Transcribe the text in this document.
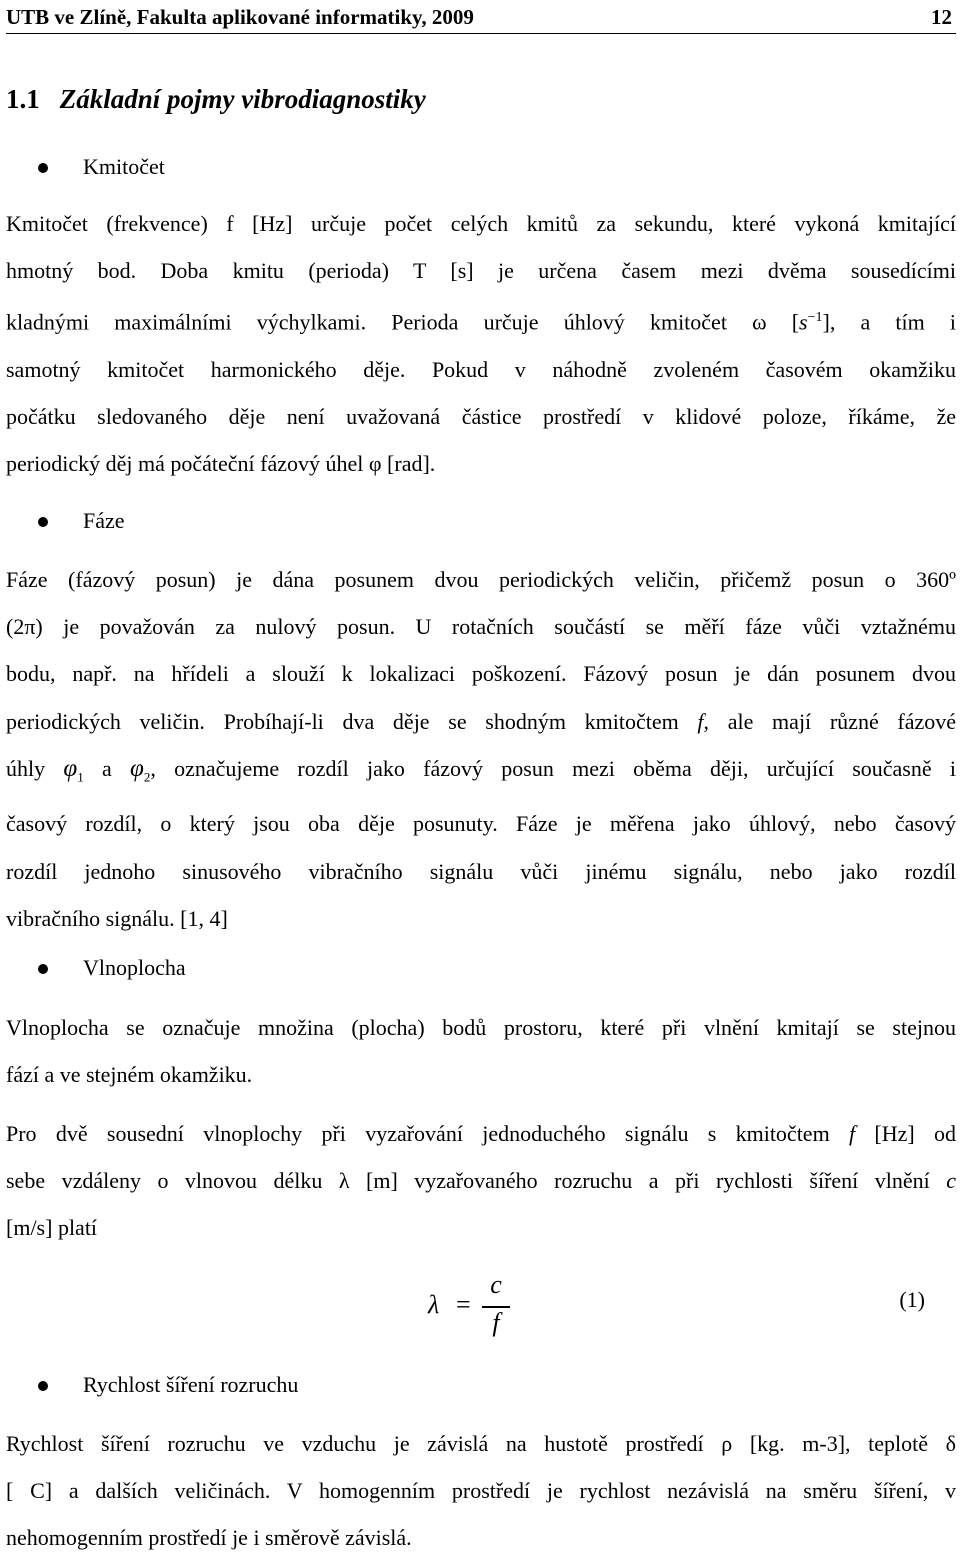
UTB ve Zlíně, Fakulta aplikované informatiky, 2009	12
1.1 Základní pojmy vibrodiagnostiky
Kmitočet
Kmitočet (frekvence) f [Hz] určuje počet celých kmitů za sekundu, které vykoná kmitající
hmotný bod. Doba kmitu (perioda) T [s] je určena časem mezi dvěma sousedícími
kladnými maximálními výchylkami. Perioda určuje úhlový kmitočet ω $[s^{-1}]$, a tím i
samotný kmitočet harmonického děje. Pokud v náhodně zvoleném časovém okamžiku
počátku sledovaného děje není uvažovaná částice prostředí v klidové poloze, říkáme, že
periodický děj má počáteční fázový úhel φ [rad].
Fáze
Fáze (fázový posun) je dána posunem dvou periodických veličin, přičemž posun o 360º
(2π) je považován za nulový posun. U rotačních součástí se měří fáze vůči vztažnému
bodu, např. na hřídeli a slouží k lokalizaci poškození. Fázový posun je dán posunem dvou
periodických veličin. Probíhají-li dva děje se shodným kmitočtem f, ale mají různé fázové
úhly $\varphi_1$ a $\varphi_2$, označujeme rozdíl jako fázový posun mezi oběma ději, určující současně i
časový rozdíl, o který jsou oba děje posunuty. Fáze je měřena jako úhlový, nebo časový
rozdíl jednoho sinusového vibračního signálu vůči jinému signálu, nebo jako rozdíl
vibračního signálu. [1, 4]
Vlnoplocha
Vlnoplocha se označuje množina (plocha) bodů prostoru, které při vlnění kmitají se stejnou
fází a ve stejném okamžiku.
Pro dvě sousední vlnoplochy při vyzařování jednoduchého signálu s kmitočtem f [Hz] od
sebe vzdáleny o vlnovou délku λ [m] vyzařovaného rozruchu a při rychlosti šíření vlnění c
[m/s] platí
λ =
c
f
(1)
Rychlost šíření rozruchu
Rychlost šíření rozruchu ve vzduchu je závislá na hustotě prostředí ρ [kg. m-3], teplotě δ
[ C] a dalších veličinách. V homogenním prostředí je rychlost nezávislá na směru šíření, v
nehomogenním prostředí je i směrově závislá.
